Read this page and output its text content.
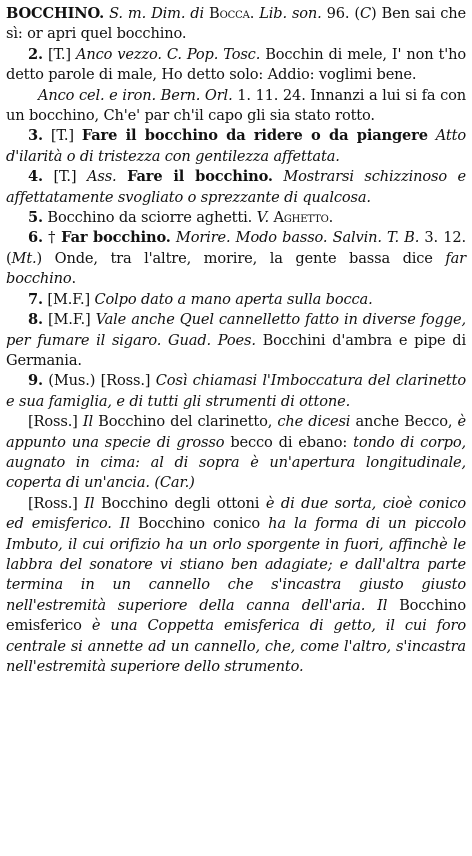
BOCCHINO. S. m. Dim. di Bocca. Lib. son. 96. (C) Ben sai che sì: or apri quel bocchino.

2. [T.] Anco vezzo. C. Pop. Tosc. Bocchin di mele, I' non t'ho detto parole di male, Ho detto solo: Addio: voglimi bene.

Anco cel. e iron. Bern. Orl. 1. 11. 24. Innanzi a lui si fa con un bocchino, Ch'e' par ch'il capo gli sia stato rotto.

3. [T.] Fare il bocchino da ridere o da piangere Atto d'ilarità o di tristezza con gentilezza affettata.

4. [T.] Ass. Fare il bocchino. Mostrarsi schizzinoso e affettatamente svogliato o sprezzante di qualcosa.

5. Bocchino da sciorre aghetti. V. Aghetto.

6. † Far bocchino. Morire. Modo basso. Salvin. T. B. 3. 12. (Mt.) Onde, tra l'altre, morire, la gente bassa dice far bocchino.

7. [M.F.] Colpo dato a mano aperta sulla bocca.

8. [M.F.] Vale anche Quel cannelletto fatto in diverse fogge, per fumare il sigaro. Guad. Poes. Bocchini d'ambra e pipe di Germania.

9. (Mus.) [Ross.] Così chiamasi l'Imboccatura del clarinetto e sua famiglia, e di tutti gli strumenti di ottone.

[Ross.] Il Bocchino del clarinetto, che dicesi anche Becco, è appunto una specie di grosso becco di ebano: tondo di corpo, augnato in cima: al di sopra è un'apertura longitudinale, coperta di un'ancia. (Car.)

[Ross.] Il Bocchino degli ottoni è di due sorta, cioè conico ed emisferico. Il Bocchino conico ha la forma di un piccolo Imbuto, il cui orifizio ha un orlo sporgente in fuori, affinchè le labbra del sonatore vi stiano ben adagiate; e dall'altra parte termina in un cannello che s'incastra giusto giusto nell'estremità superiore della canna dell'aria. Il Bocchino emisferico è una Coppetta emisferica di getto, il cui foro centrale si annette ad un cannello, che, come l'altro, s'incastra nell'estremità superiore dello strumento.
